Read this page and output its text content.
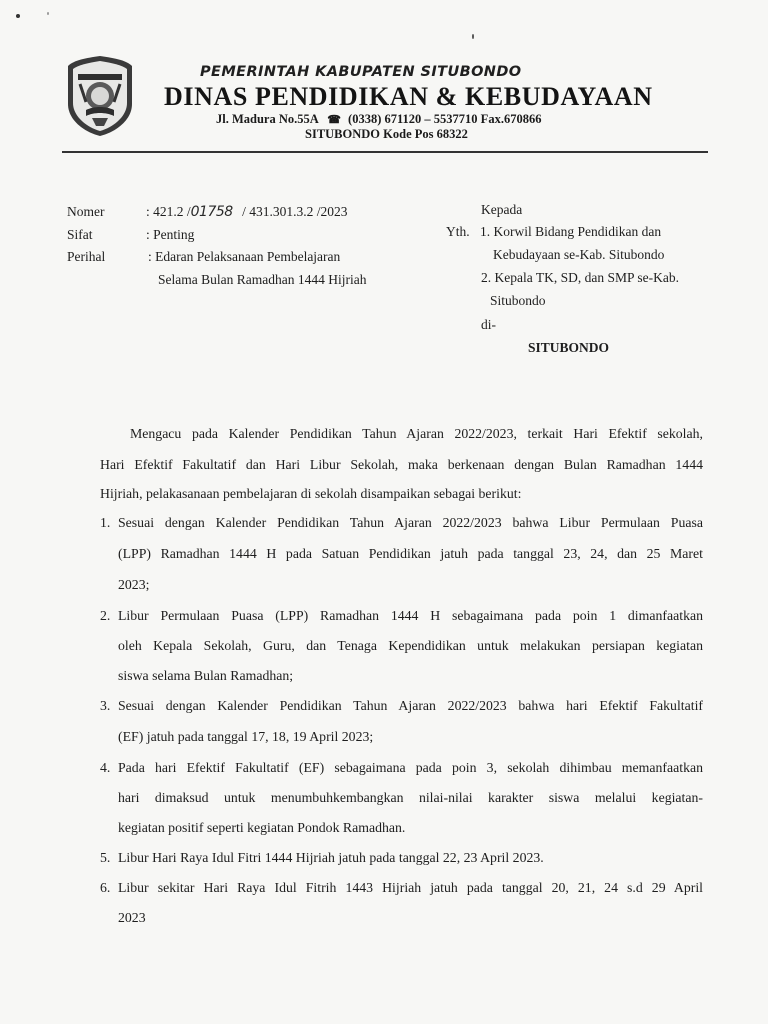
PEMERINTAH KABUPATEN SITUBONDO
DINAS PENDIDIKAN & KEBUDAYAAN
Jl. Madura No.55A ☎ (0338) 671120 – 5537710 Fax.670866
SITUBONDO Kode Pos 68322
Nomer	: 421.2 /01758 / 431.301.3.2 /2023
Sifat	: Penting
Perihal	: Edaran Pelaksanaan Pembelajaran
Selama Bulan Ramadhan 1444 Hijriah
Kepada
Yth. 1. Korwil Bidang Pendidikan dan
Kebudayaan se-Kab. Situbondo
2. Kepala TK, SD, dan SMP se-Kab.
Situbondo
di-
SITUBONDO
Mengacu pada Kalender Pendidikan Tahun Ajaran 2022/2023, terkait Hari Efektif sekolah,
Hari Efektif Fakultatif dan Hari Libur Sekolah, maka berkenaan dengan Bulan Ramadhan 1444
Hijriah, pelakasanaan pembelajaran di sekolah disampaikan sebagai berikut:
1. Sesuai dengan Kalender Pendidikan Tahun Ajaran 2022/2023 bahwa Libur Permulaan Puasa
(LPP) Ramadhan 1444 H pada Satuan Pendidikan jatuh pada tanggal 23, 24, dan 25 Maret
2023;
2. Libur Permulaan Puasa (LPP) Ramadhan 1444 H sebagaimana pada poin 1 dimanfaatkan
oleh Kepala Sekolah, Guru, dan Tenaga Kependidikan untuk melakukan persiapan kegiatan
siswa selama Bulan Ramadhan;
3. Sesuai dengan Kalender Pendidikan Tahun Ajaran 2022/2023 bahwa hari Efektif Fakultatif
(EF) jatuh pada tanggal 17, 18, 19 April 2023;
4. Pada hari Efektif Fakultatif (EF) sebagaimana pada poin 3, sekolah dihimbau memanfaatkan
hari dimaksud untuk menumbuhkembangkan nilai-nilai karakter siswa melalui kegiatan-
kegiatan positif seperti kegiatan Pondok Ramadhan.
5. Libur Hari Raya Idul Fitri 1444 Hijriah jatuh pada tanggal 22, 23 April 2023.
6. Libur sekitar Hari Raya Idul Fitrih 1443 Hijriah jatuh pada tanggal 20, 21, 24 s.d 29 April
2023
